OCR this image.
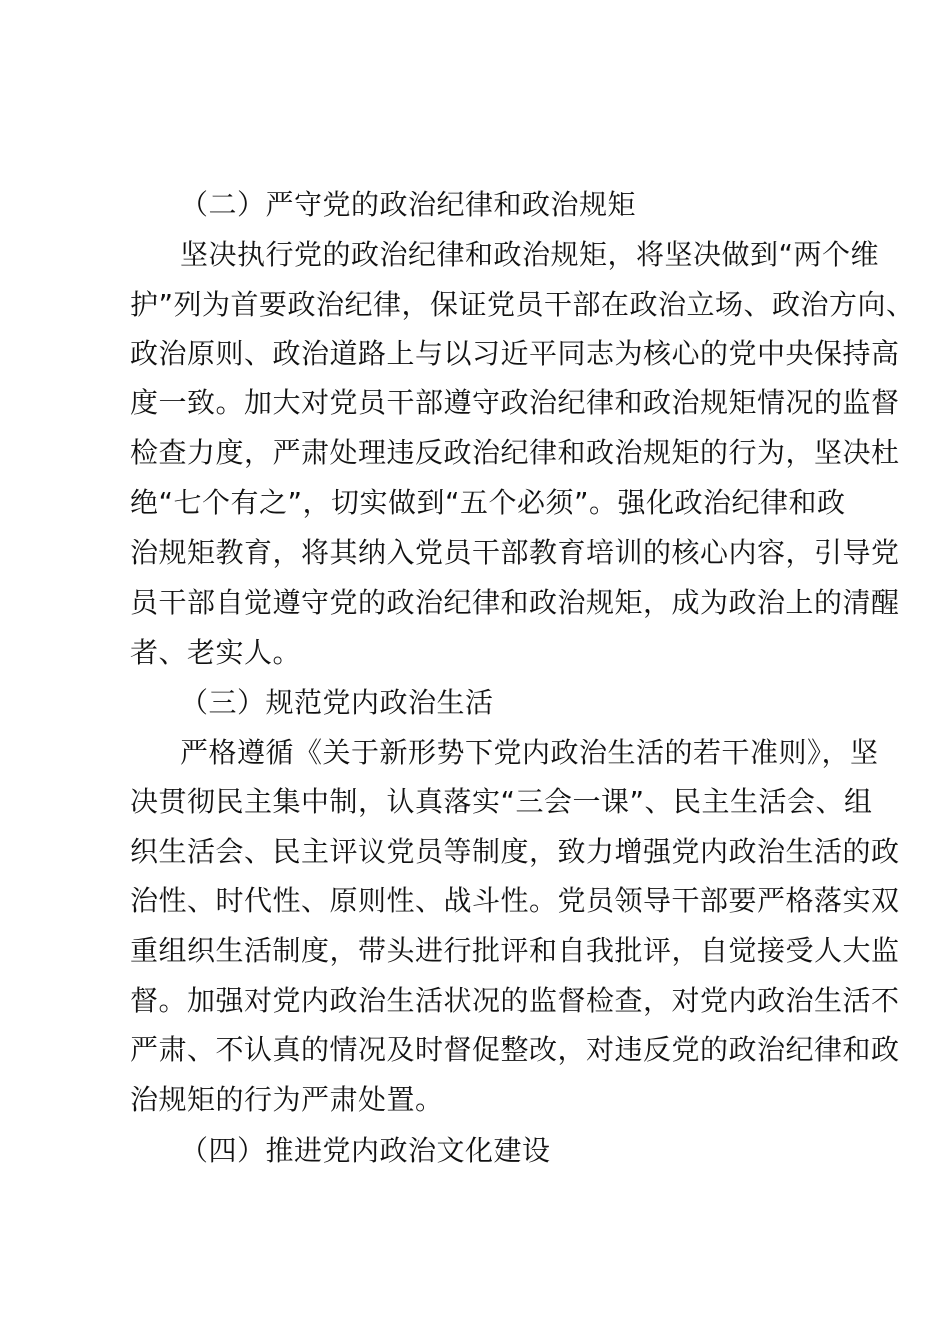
（二）严守党的政治纪律和政治规矩
坚决执行党的政治纪律和政治规矩，将坚决做到“两个维
护”列为首要政治纪律，保证党员干部在政治立场、政治方向、
政治原则、政治道路上与以习近平同志为核心的党中央保持高
度一致。加大对党员干部遵守政治纪律和政治规矩情况的监督
检查力度，严肃处理违反政治纪律和政治规矩的行为，坚决杜
绝“七个有之”，切实做到“五个必须”。强化政治纪律和政
治规矩教育，将其纳入党员干部教育培训的核心内容，引导党
员干部自觉遵守党的政治纪律和政治规矩，成为政治上的清醒
者、老实人。
（三）规范党内政治生活
严格遵循《关于新形势下党内政治生活的若干准则》，坚
决贯彻民主集中制，认真落实“三会一课”、民主生活会、组
织生活会、民主评议党员等制度，致力增强党内政治生活的政
治性、时代性、原则性、战斗性。党员领导干部要严格落实双
重组织生活制度，带头进行批评和自我批评，自觉接受人大监
督。加强对党内政治生活状况的监督检查，对党内政治生活不
严肃、不认真的情况及时督促整改，对违反党的政治纪律和政
治规矩的行为严肃处置。
（四）推进党内政治文化建设
